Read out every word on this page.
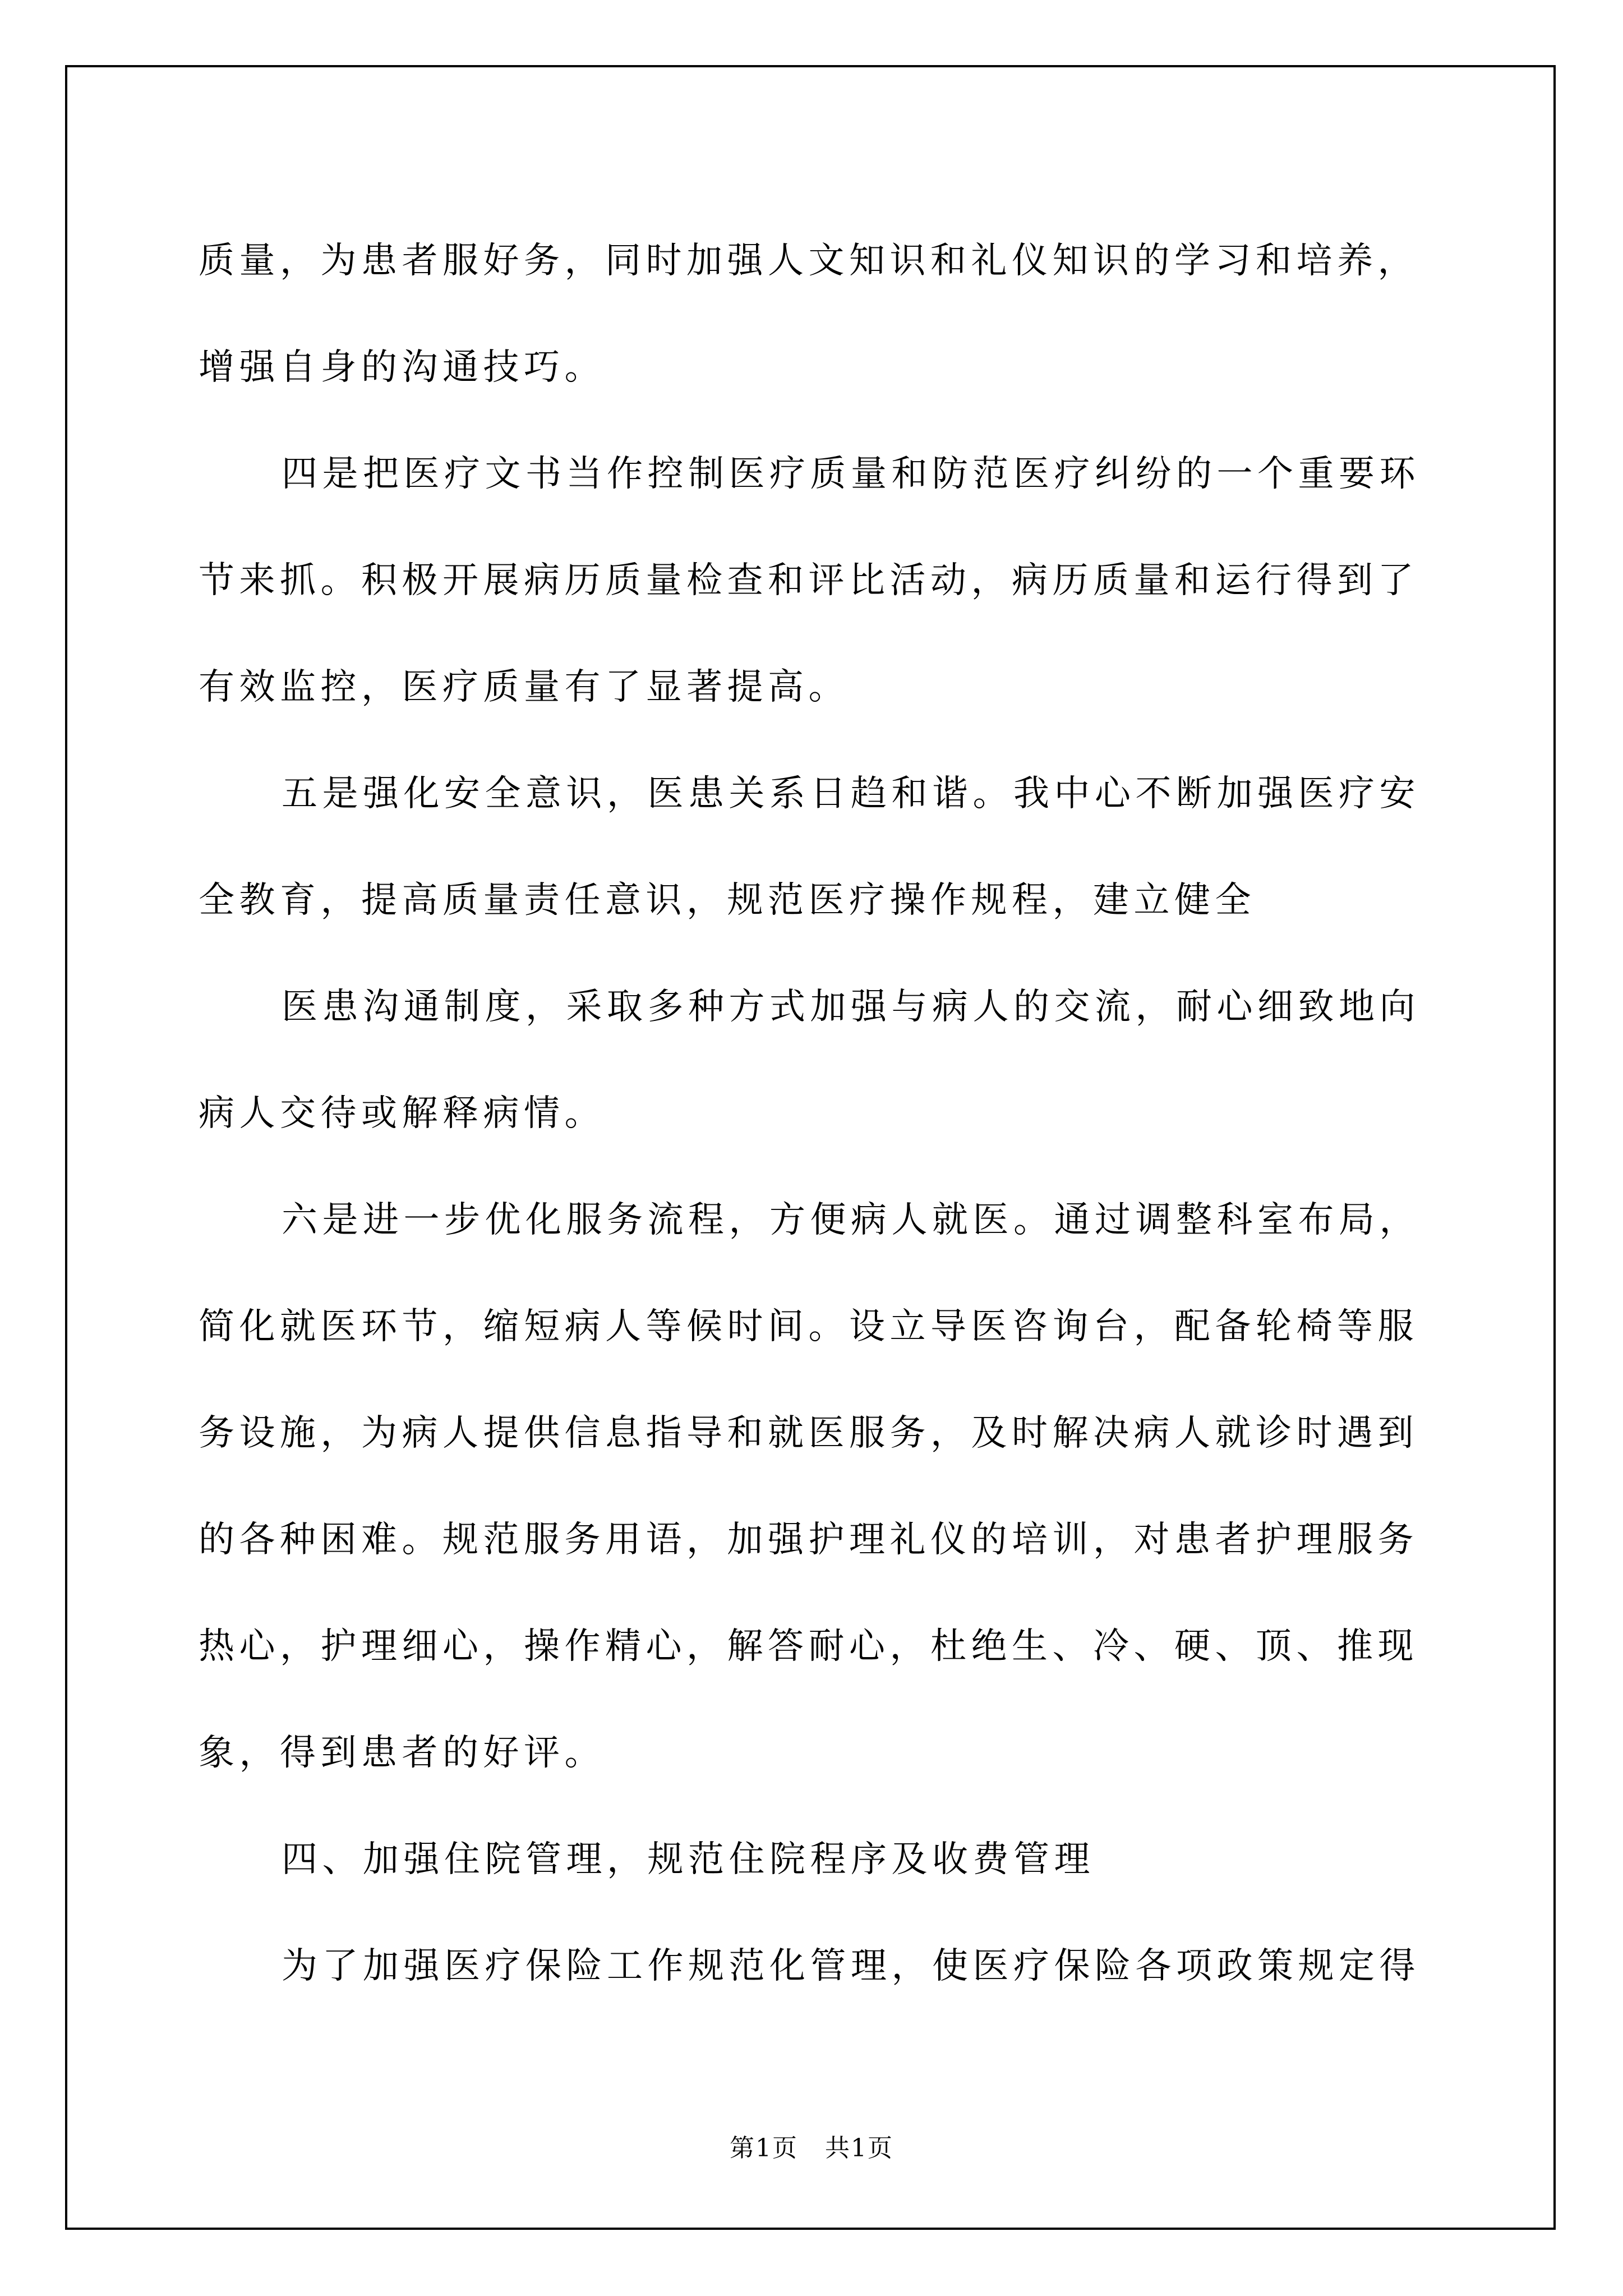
质量，为患者服好务，同时加强人文知识和礼仪知识的学习和培养，

增强自身的沟通技巧。

四是把医疗文书当作控制医疗质量和防范医疗纠纷的一个重要环

节来抓。积极开展病历质量检查和评比活动，病历质量和运行得到了

有效监控，医疗质量有了显著提高。

五是强化安全意识，医患关系日趋和谐。我中心不断加强医疗安

全教育，提高质量责任意识，规范医疗操作规程，建立健全

医患沟通制度，采取多种方式加强与病人的交流，耐心细致地向

病人交待或解释病情。

六是进一步优化服务流程，方便病人就医。通过调整科室布局，

简化就医环节，缩短病人等候时间。设立导医咨询台，配备轮椅等服

务设施，为病人提供信息指导和就医服务，及时解决病人就诊时遇到

的各种困难。规范服务用语，加强护理礼仪的培训，对患者护理服务

热心，护理细心，操作精心，解答耐心，杜绝生、冷、硬、顶、推现

象，得到患者的好评。

四、加强住院管理，规范住院程序及收费管理

为了加强医疗保险工作规范化管理，使医疗保险各项政策规定得

第1页   共1页
